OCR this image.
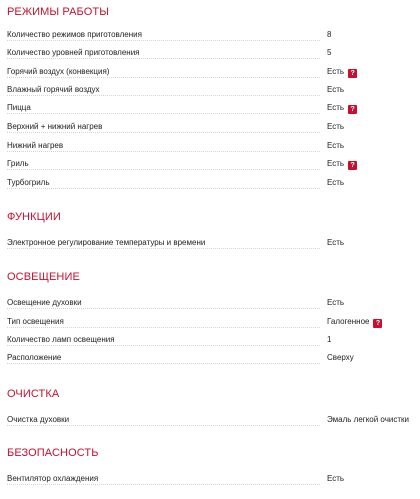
РЕЖИМЫ РАБОТЫ
Количество режимов приготовления	8
Количество уровней приготовления	5
Горячий воздух (конвекция)	Есть ?
Влажный горячий воздух	Есть
Пицца	Есть ?
Верхний + нижний нагрев	Есть
Нижний нагрев	Есть
Гриль	Есть ?
Турбогриль	Есть
ФУНКЦИИ
Электронное регулирование температуры и времени	Есть
ОСВЕЩЕНИЕ
Освещение духовки	Есть
Тип освещения	Галогенное ?
Количество ламп освещения	1
Расположение	Сверху
ОЧИСТКА
Очистка духовки	Эмаль легкой очистки
БЕЗОПАСНОСТЬ
Вентилятор охлаждения	Есть
